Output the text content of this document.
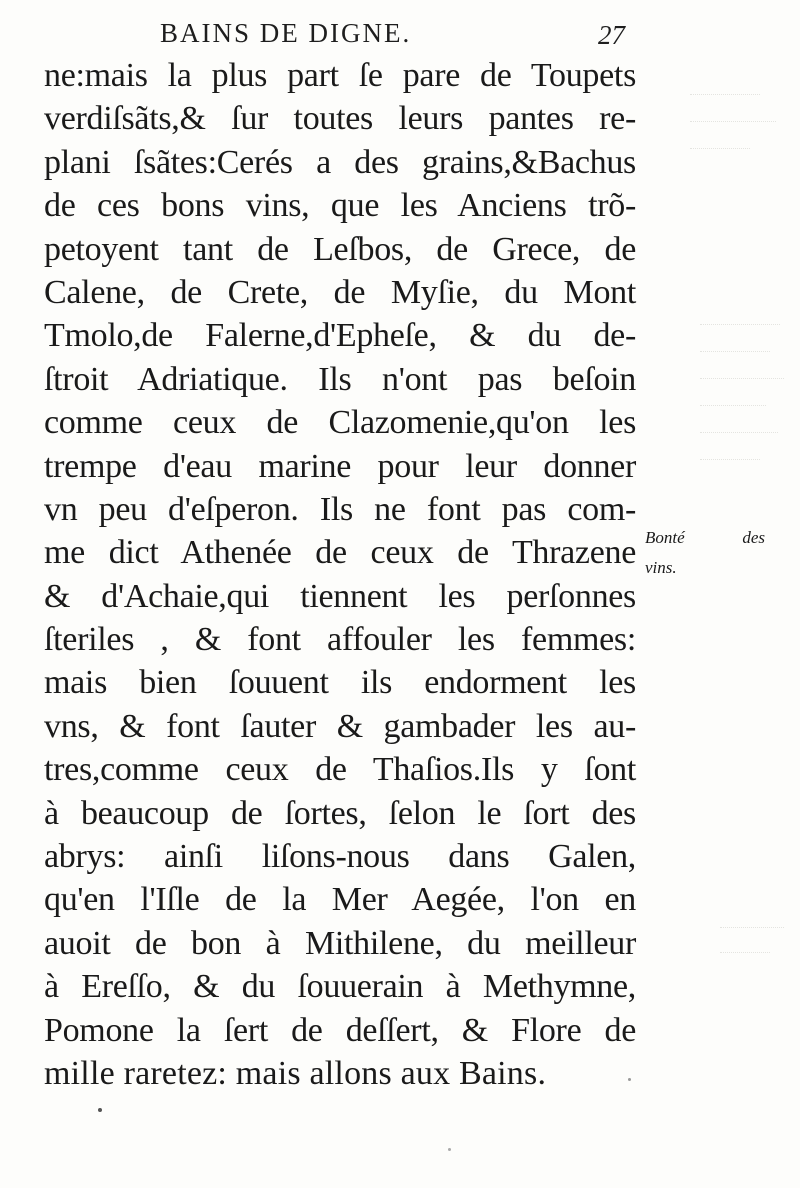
BAINS DE DIGNE.	27
ne:mais la plus part ſe pare de Toupets
verdiſsãts,& ſur toutes leurs pantes re-
plani ſsãtes:Cerés a des grains,&Bachus
de ces bons vins, que les Anciens trõ-
petoyent tant de Leſbos, de Grece, de
Calene, de Crete, de Myſie, du Mont
Tmolo,de Falerne,d'Epheſe, & du de-
ſtroit Adriatique. Ils n'ont pas beſoin
comme ceux de Clazomenie,qu'on les
trempe d'eau marine pour leur donner
vn peu d'eſperon. Ils ne font pas com-
me dict Athenée de ceux de Thrazene
& d'Achaie,qui tiennent les perſonnes
ſteriles , & font affouler les femmes:
mais bien ſouuent ils endorment les
vns, & font ſauter & gambader les au-
tres,comme ceux de Thaſios.Ils y ſont
à beaucoup de ſortes, ſelon le ſort des
abrys: ainſi liſons-nous dans Galen,
qu'en l'Iſle de la Mer Aegée, l'on en
auoit de bon à Mithilene, du meilleur
à Ereſſo, & du ſouuerain à Methymne,
Pomone la ſert de deſſert, & Flore de
mille raretez: mais allons aux Bains.
Bonté des
vins.
